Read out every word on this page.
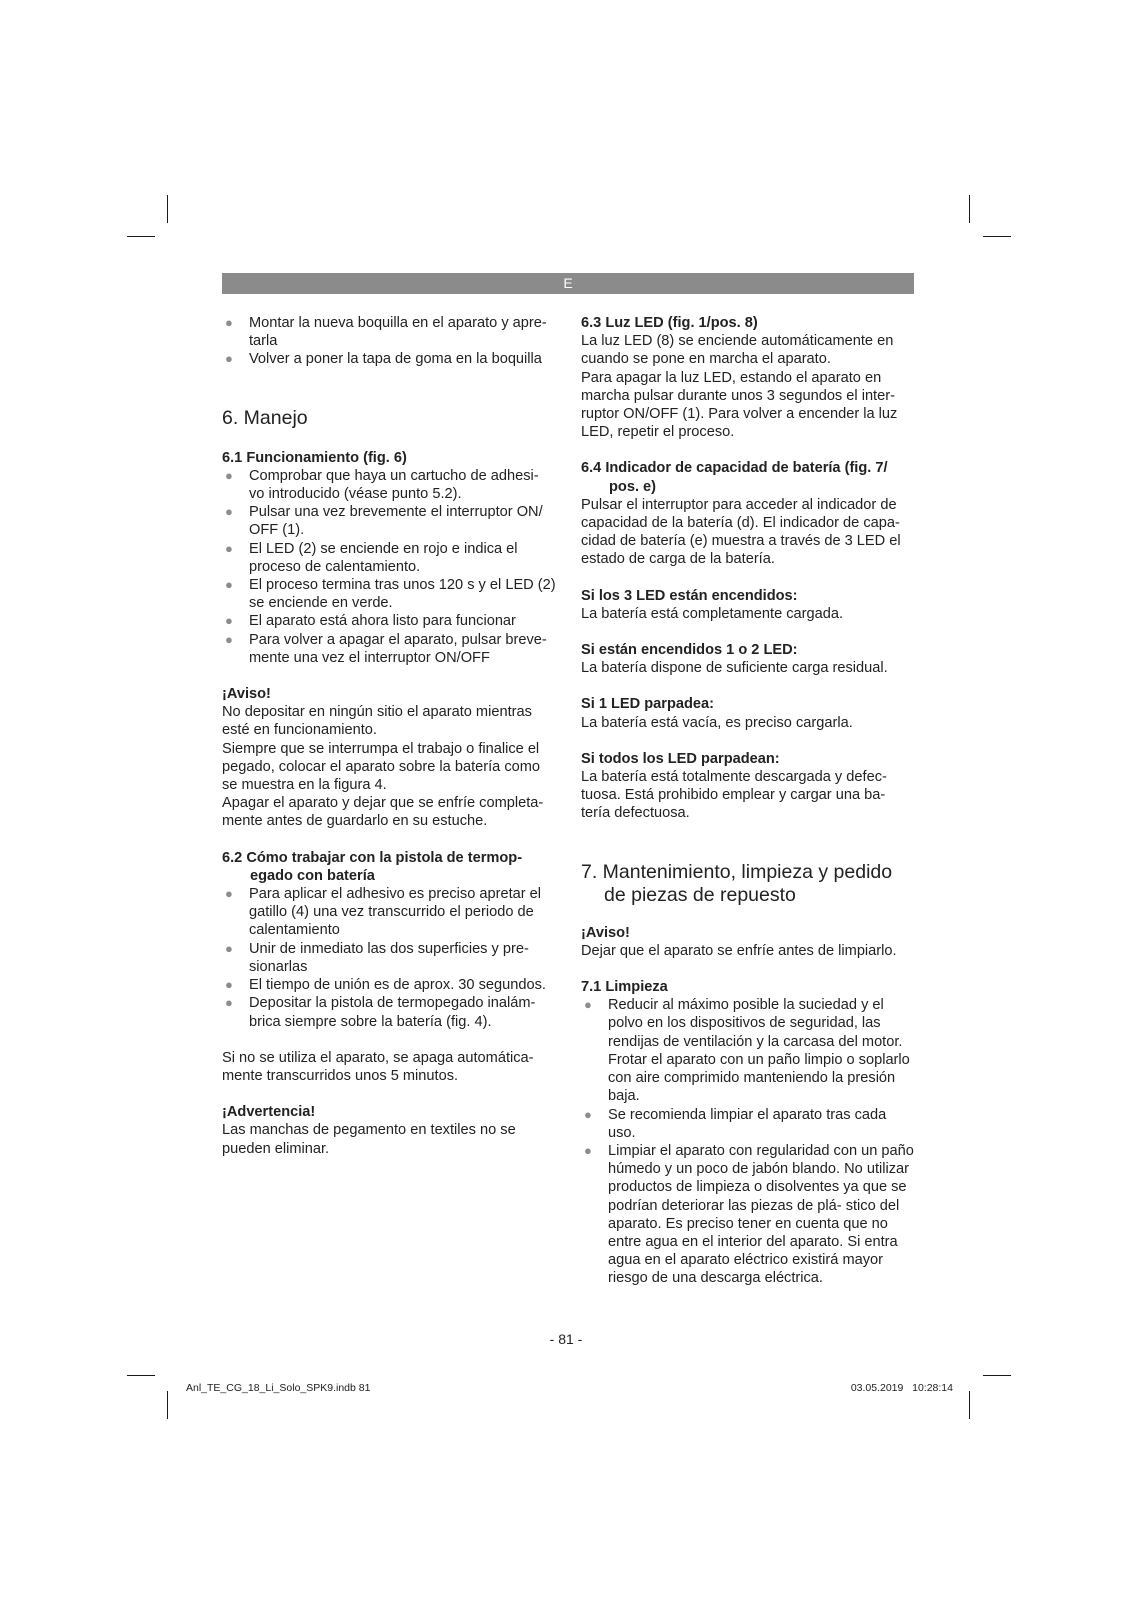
E
● Montar la nueva boquilla en el aparato y apre- tarla
● Volver a poner la tapa de goma en la boquilla

6. Manejo

6.1 Funcionamiento (fig. 6)

● Comprobar que haya un cartucho de adhesi- vo introducido (véase punto 5.2).
● Pulsar una vez brevemente el interruptor ON/ OFF (1).
● El LED (2) se enciende en rojo e indica el proceso de calentamiento.
● El proceso termina tras unos 120 s y el LED (2) se enciende en verde.
● El aparato está ahora listo para funcionar
● Para volver a apagar el aparato, pulsar breve- mente una vez el interruptor ON/OFF

¡Aviso!

No depositar en ningún sitio el aparato mientras esté en funcionamiento.

Siempre que se interrumpa el trabajo o finalice el pegado, colocar el aparato sobre la batería como se muestra en la figura 4.

Apagar el aparato y dejar que se enfríe completa- mente antes de guardarlo en su estuche.

6.2 Cómo trabajar con la pistola de termop- egado con batería

● Para aplicar el adhesivo es preciso apretar el gatillo (4) una vez transcurrido el periodo de calentamiento
● Unir de inmediato las dos superficies y pre- sionarlas
● El tiempo de unión es de aprox. 30 segundos.
● Depositar la pistola de termopegado inalám- brica siempre sobre la batería (fig. 4).

Si no se utiliza el aparato, se apaga automática- mente transcurridos unos 5 minutos.

¡Advertencia!

Las manchas de pegamento en textiles no se pueden eliminar.

6.3 Luz LED (fig. 1/pos. 8)

La luz LED (8) se enciende automáticamente en cuando se pone en marcha el aparato.

Para apagar la luz LED, estando el aparato en marcha pulsar durante unos 3 segundos el inter- ruptor ON/OFF (1). Para volver a encender la luz LED, repetir el proceso.

6.4 Indicador de capacidad de batería (fig. 7/ pos. e)

Pulsar el interruptor para acceder al indicador de capacidad de la batería (d). El indicador de capa- cidad de batería (e) muestra a través de 3 LED el estado de carga de la batería.

Si los 3 LED están encendidos:

La batería está completamente cargada.

Si están encendidos 1 o 2 LED:

La batería dispone de suficiente carga residual.

Si 1 LED parpadea:

La batería está vacía, es preciso cargarla.

Si todos los LED parpadean:

La batería está totalmente descargada y defec- tuosa. Está prohibido emplear y cargar una ba- tería defectuosa.

7. Mantenimiento, limpieza y pedido de piezas de repuesto

¡Aviso!

Dejar que el aparato se enfríe antes de limpiarlo.

7.1 Limpieza

● Reducir al máximo posible la suciedad y el polvo en los dispositivos de seguridad, las rendijas de ventilación y la carcasa del motor. Frotar el aparato con un paño limpio o soplarlo con aire comprimido manteniendo la presión baja.
● Se recomienda limpiar el aparato tras cada uso.
● Limpiar el aparato con regularidad con un paño húmedo y un poco de jabón blando. No utilizar productos de limpieza o disolventes ya que se podrían deteriorar las piezas de plá- stico del aparato. Es preciso tener en cuenta que no entre agua en el interior del aparato. Si entra agua en el aparato eléctrico existirá mayor riesgo de una descarga eléctrica.
- 81 -
Anl_TE_CG_18_Li_Solo_SPK9.indb 81	03.05.2019   10:28:14
